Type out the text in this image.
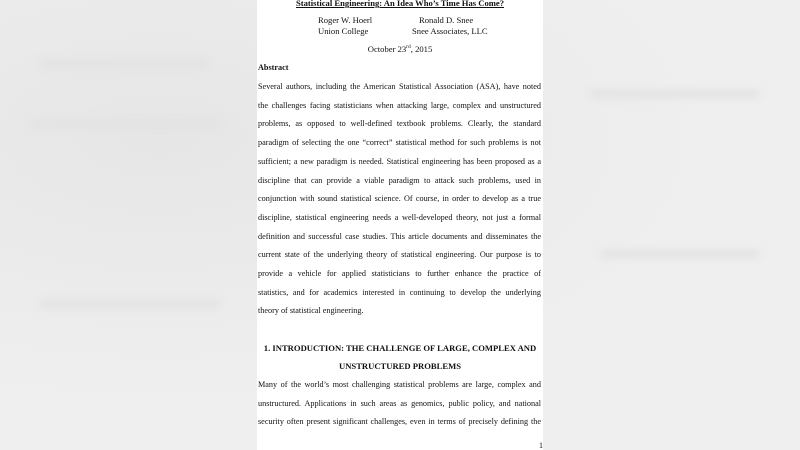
Statistical Engineering: An Idea Who’s Time Has Come?
Roger W. Hoerl
Union College
Ronald D. Snee
Snee Associates, LLC
October 23rd, 2015
Abstract
Several authors, including the American Statistical Association (ASA), have noted
the challenges facing statisticians when attacking large, complex and unstructured
problems, as opposed to well-defined textbook problems. Clearly, the standard
paradigm of selecting the one “correct” statistical method for such problems is not
sufficient; a new paradigm is needed. Statistical engineering has been proposed as a
discipline that can provide a viable paradigm to attack such problems, used in
conjunction with sound statistical science. Of course, in order to develop as a true
discipline, statistical engineering needs a well-developed theory, not just a formal
definition and successful case studies. This article documents and disseminates the
current state of the underlying theory of statistical engineering. Our purpose is to
provide a vehicle for applied statisticians to further enhance the practice of
statistics, and for academics interested in continuing to develop the underlying
theory of statistical engineering.
1. INTRODUCTION: THE CHALLENGE OF LARGE, COMPLEX AND
UNSTRUCTURED PROBLEMS
Many of the world’s most challenging statistical problems are large, complex and
unstructured. Applications in such areas as genomics, public policy, and national
security often present significant challenges, even in terms of precisely defining the
1
